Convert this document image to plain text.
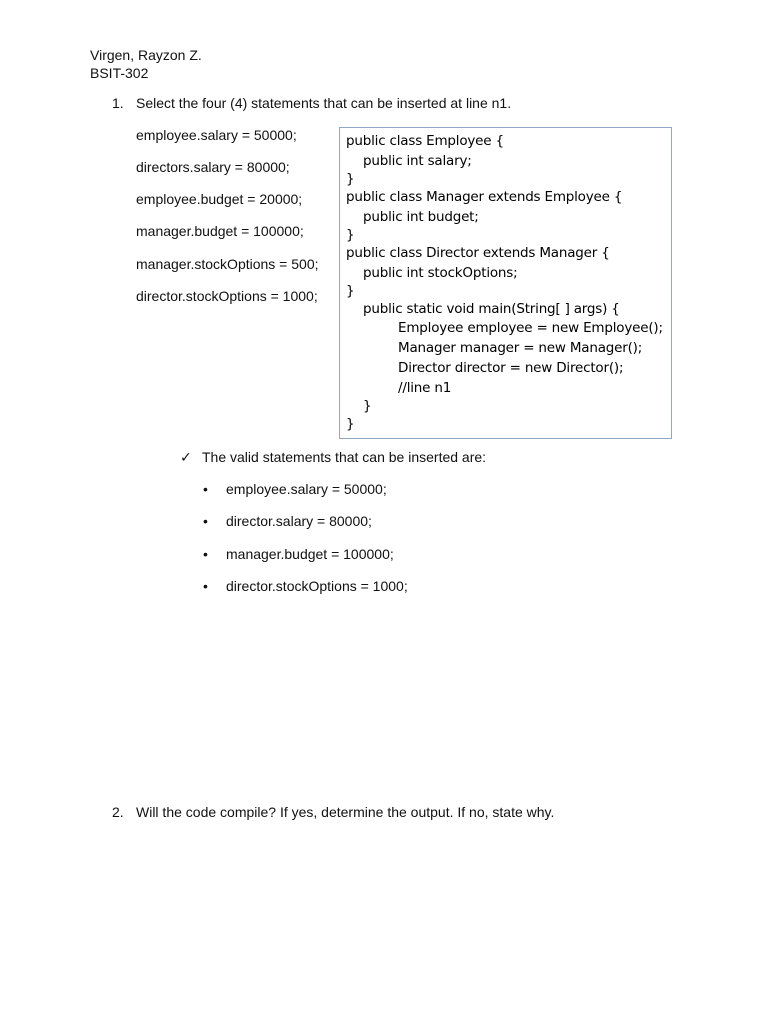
Virgen, Rayzon Z.
BSIT-302
1. Select the four (4) statements that can be inserted at line n1.
employee.salary = 50000;
directors.salary = 80000;
employee.budget = 20000;
manager.budget = 100000;
manager.stockOptions = 500;
director.stockOptions = 1000;
public class Employee {
public int salary;
}
public class Manager extends Employee {
public int budget;
}
public class Director extends Manager {
public int stockOptions;
}
public static void main(String[ ] args) {
Employee employee = new Employee();
Manager manager = new Manager();
Director director = new Director();
//line n1
}
}
✓ The valid statements that can be inserted are:
• employee.salary = 50000;
• director.salary = 80000;
• manager.budget = 100000;
• director.stockOptions = 1000;
2. Will the code compile? If yes, determine the output. If no, state why.
